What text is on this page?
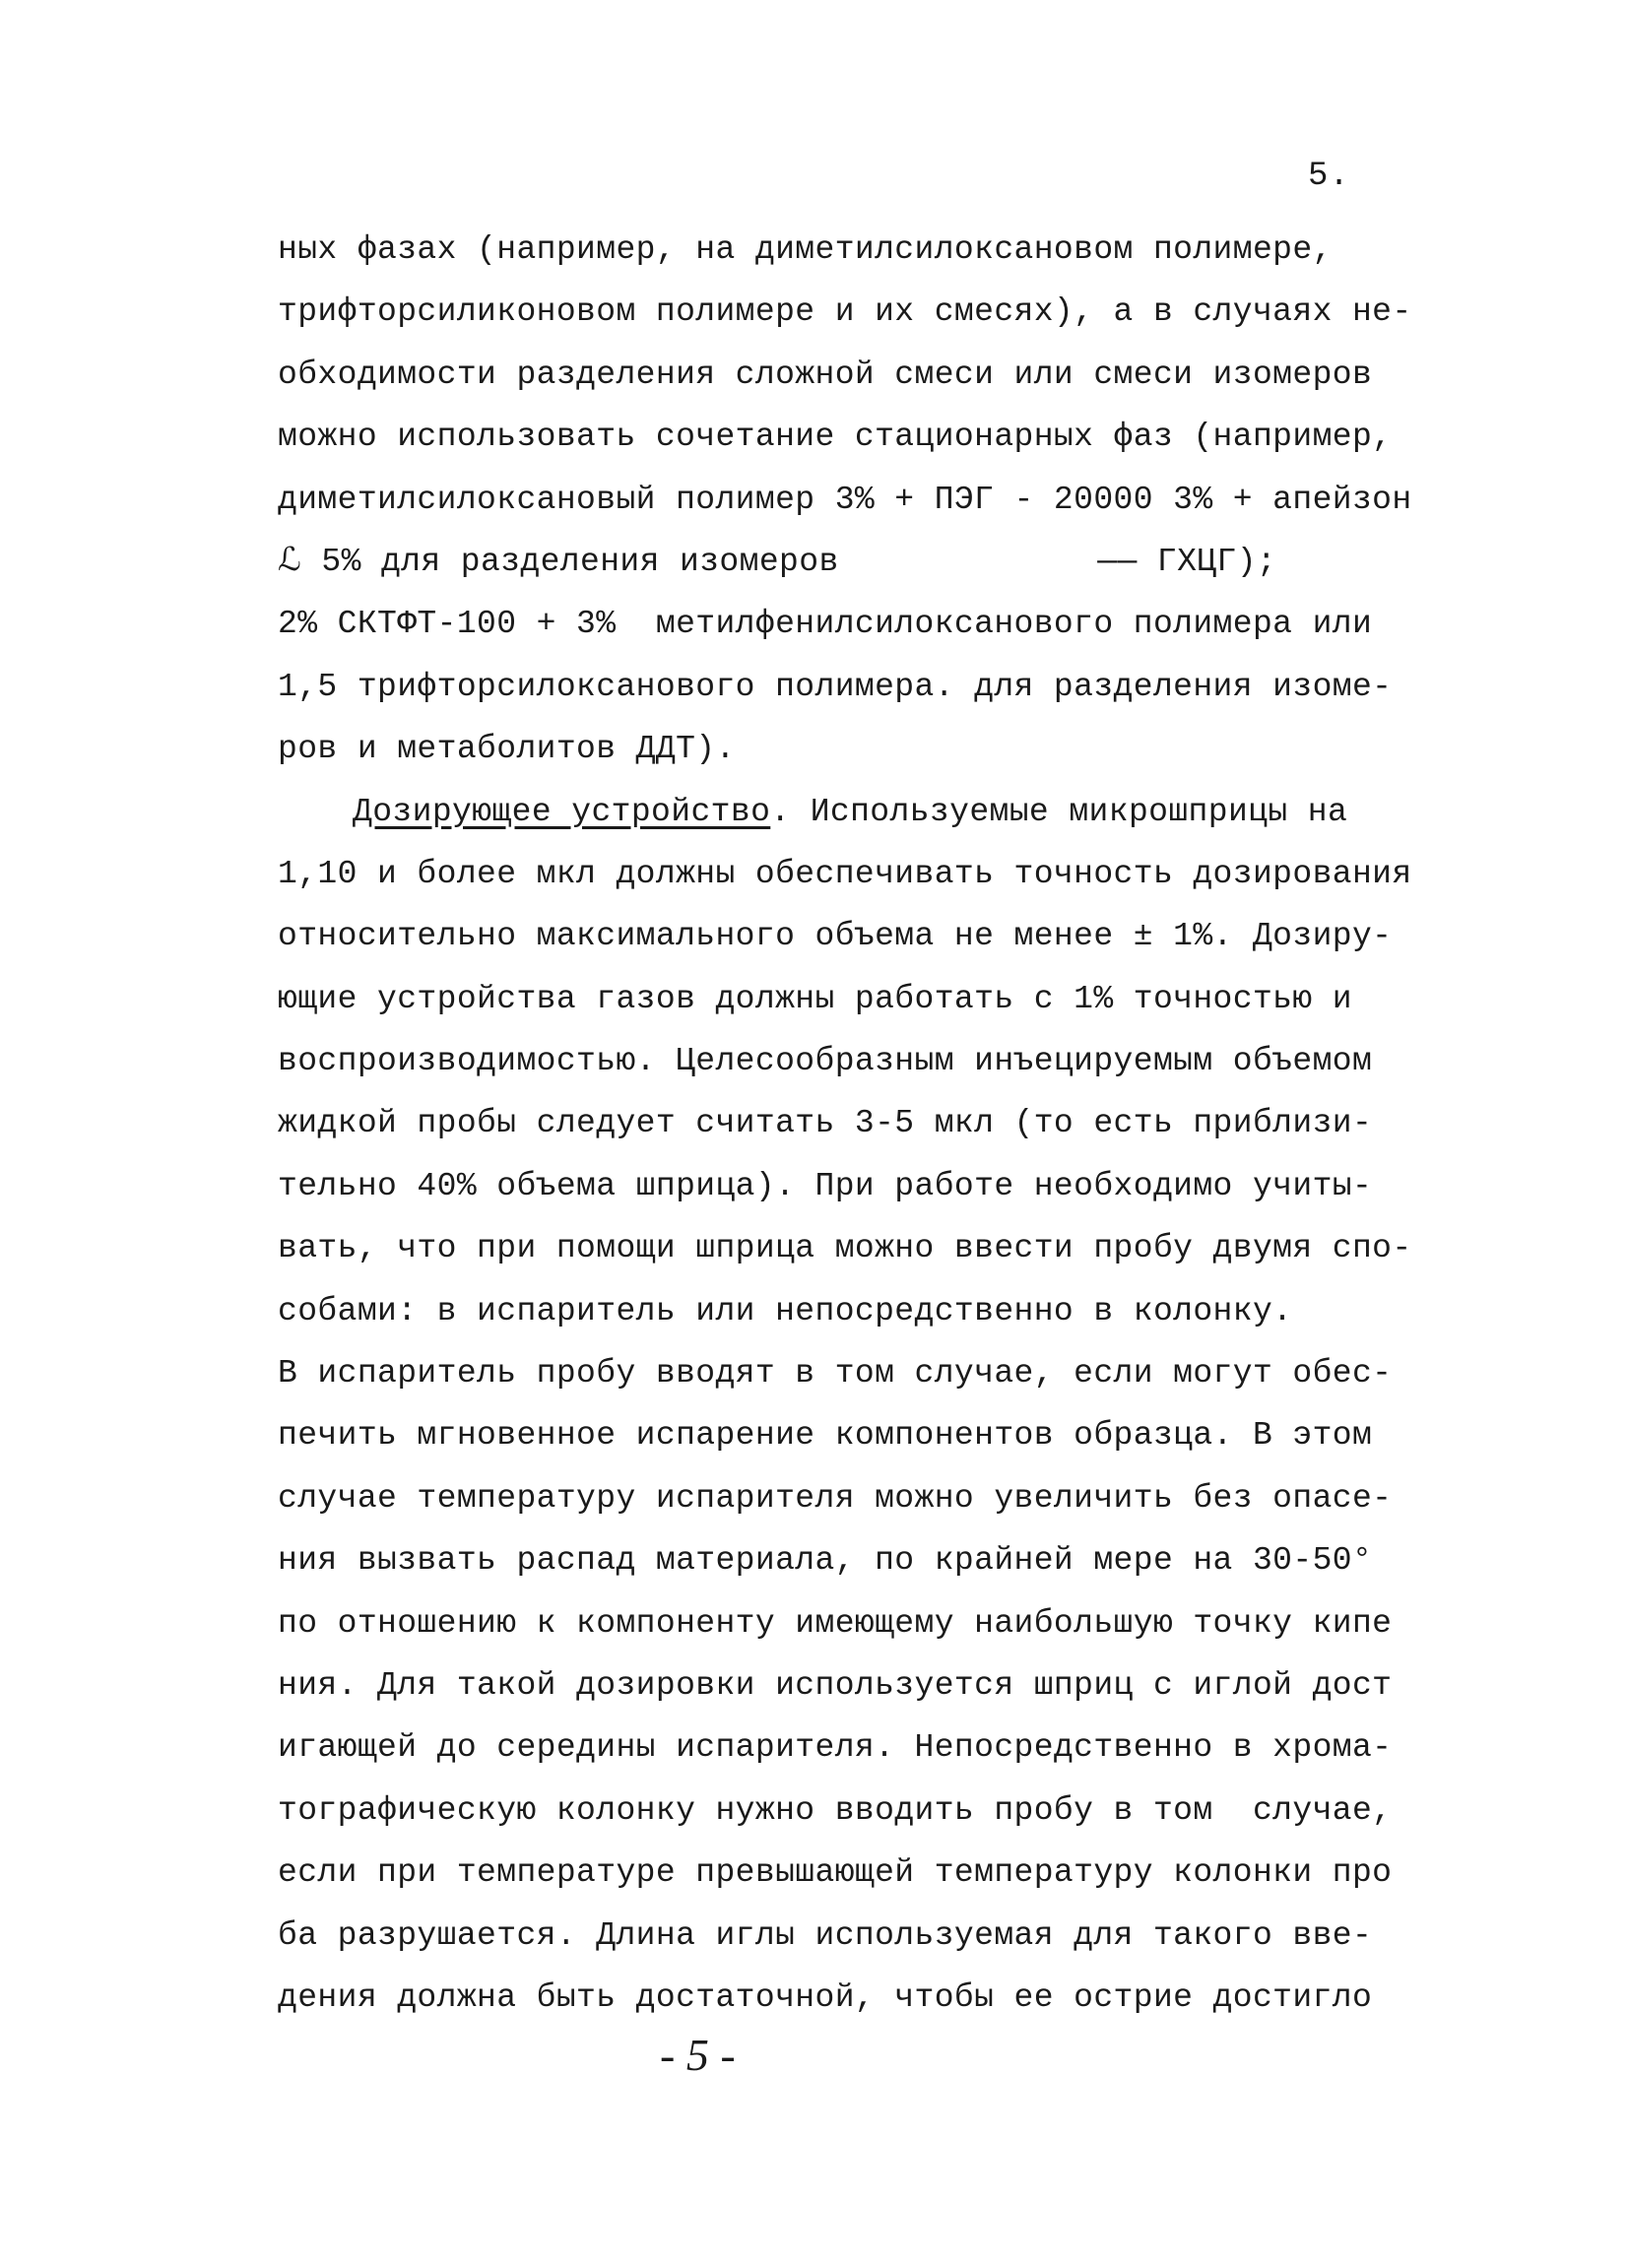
5.
ных фазах (например, на диметилсилоксановом полимере,
трифторсиликоновом полимере и их смесях), а в случаях не-
обходимости разделения сложной смеси или смеси изомеров
можно использовать сочетание стационарных фаз (например,
диметилсилоксановый полимер 3% + ПЭГ - 20000 3% + апейзон
ℒ 5% для разделения изомеров             —— ГХЦГ);
2% СКТФТ-100 + 3%  метилфенилсилоксанового полимера или
1,5 трифторсилоксанового полимера. для разделения изоме-
ров и метаболитов ДДТ).
Дозирующее устройство. Используемые микрошприцы на
1,10 и более мкл должны обеспечивать точность дозирования
относительно максимального объема не менее ± 1%. Дозиру-
ющие устройства газов должны работать с 1% точностью и
воспроизводимостью. Целесообразным инъецируемым объемом
жидкой пробы следует считать 3-5 мкл (то есть приблизи-
тельно 40% объема шприца). При работе необходимо учиты-
вать, что при помощи шприца можно ввести пробу двумя спо-
собами: в испаритель или непосредственно в колонку.
В испаритель пробу вводят в том случае, если могут обес-
печить мгновенное испарение компонентов образца. В этом
случае температуру испарителя можно увеличить без опасе-
ния вызвать распад материала, по крайней мере на 30-50°
по отношению к компоненту имеющему наибольшую точку кипе
ния. Для такой дозировки используется шприц с иглой дост
игающей до середины испарителя. Непосредственно в хрома-
тографическую колонку нужно вводить пробу в том  случае,
если при температуре превышающей температуру колонки про
ба разрушается. Длина иглы используемая для такого вве-
дения должна быть достаточной, чтобы ее острие достигло
- 5 -
